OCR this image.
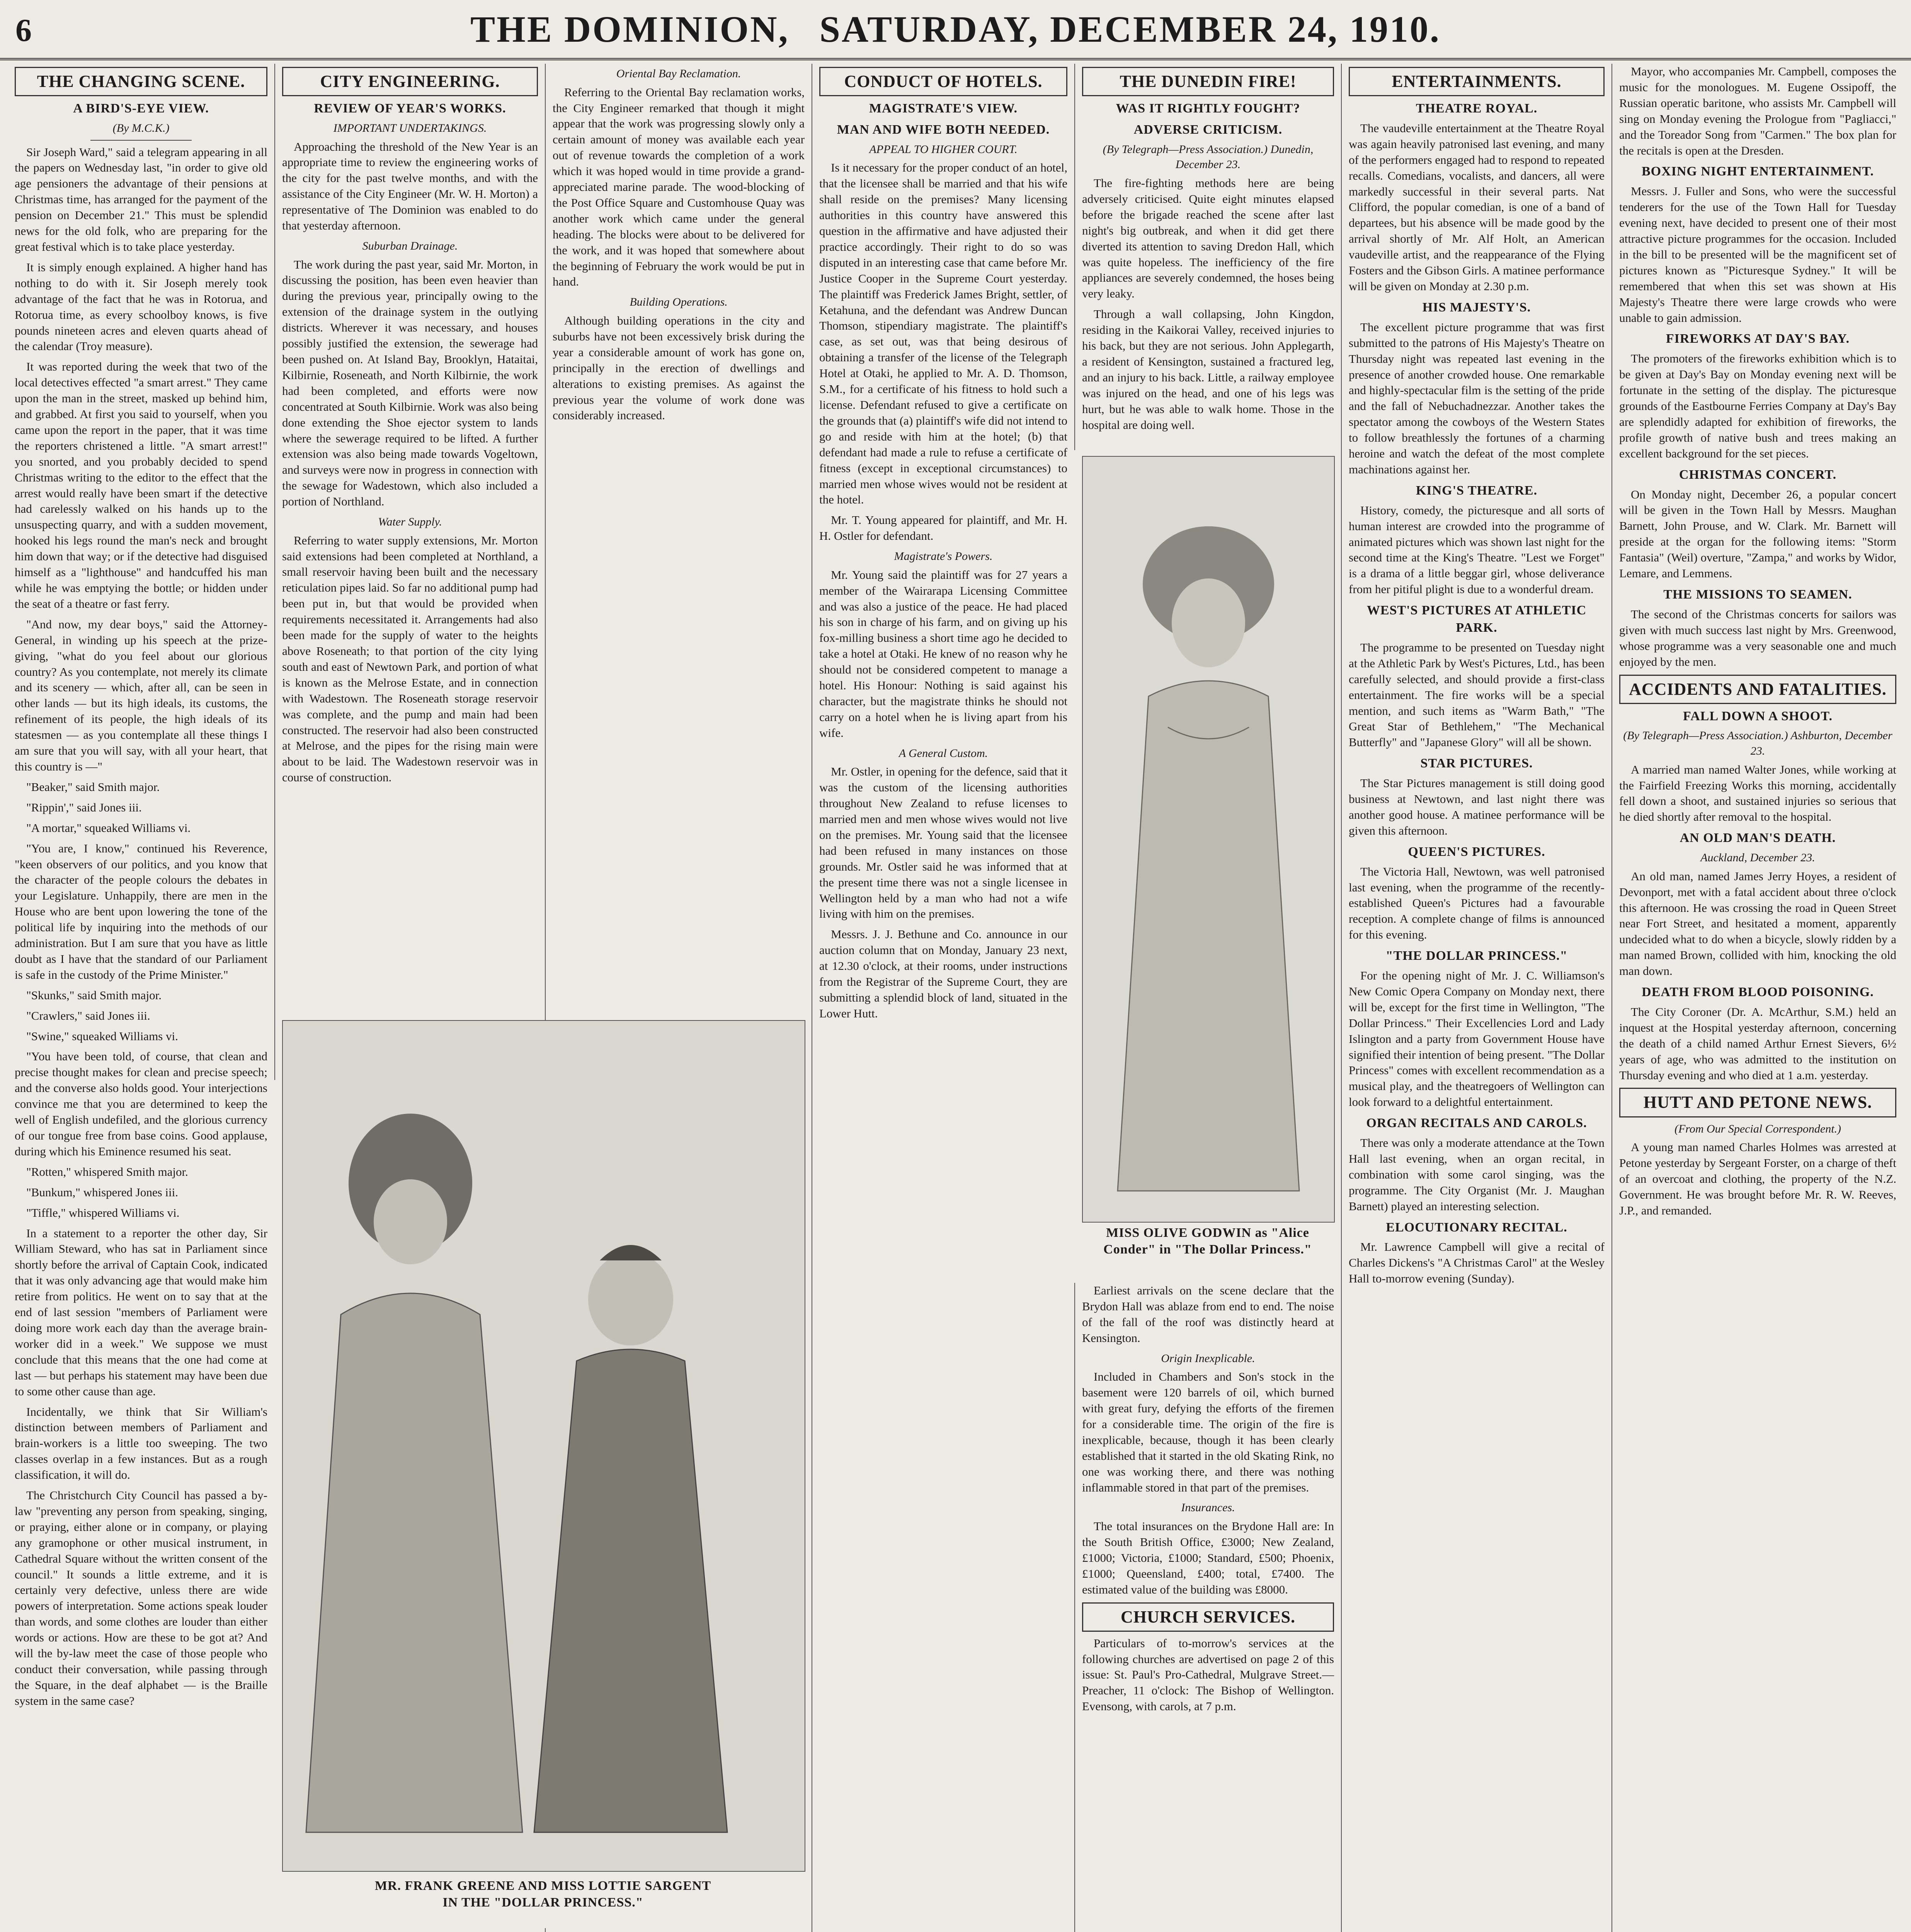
6	THE DOMINION, SATURDAY, DECEMBER 24, 1910.
THE CHANGING SCENE.
A BIRD'S-EYE VIEW.
(By M.C.K.)

Sir Joseph Ward," said a telegram appearing in all the papers on Wednesday last, "in order to give old age pensioners the advantage of their pensions at Christmas time, has arranged for the payment of the pension on December 21." This must be splendid news for the old folk, who are preparing for the great festival which is to take place yesterday.

It is simply enough explained. A higher hand has nothing to do with it. Sir Joseph merely took advantage of the fact that he was in Rotorua, and Rotorua time, as every schoolboy knows, is five pounds nineteen acres and eleven quarts ahead of the calendar (Troy measure).

It was reported during the week that two of the local detectives effected "a smart arrest." They came upon the man in the street, masked up behind him, and grabbed. At first you said to yourself, when you came upon the report in the paper, that it was time the reporters christened a little. "A smart arrest!" you snorted, and you probably decided to spend Christmas writing to the editor to the effect that the arrest would really have been smart if the detective had carelessly walked on his hands up to the unsuspecting quarry, and with a sudden movement, hooked his legs round the man's neck and brought him down that way; or if the detective had disguised himself as a "lighthouse" and handcuffed his man while he was emptying the bottle; or hidden under the seat of a theatre or fast ferry.

"And now, my dear boys," said the Attorney-General, in winding up his speech at the prize-giving, "what do you feel about our glorious country? As you contemplate, not merely its climate and its scenery — which, after all, can be seen in other lands — but its high ideals, its customs, the refinement of its people, the high ideals of its statesmen — as you contemplate all these things I am sure that you will say, with all your heart, that this country is —"

"Beaker," said Smith major.

"Rippin'," said Jones iii.

"A mortar," squeaked Williams vi.

"You are, I know," continued his Reverence, "keen observers of our politics, and you know that the character of the people colours the debates in your Legislature. Unhappily, there are men in the House who are bent upon lowering the tone of the political life by inquiring into the methods of our administration. But I am sure that you have as little doubt as I have that the standard of our Parliament is safe in the custody of the Prime Minister."

"Skunks," said Smith major.

"Crawlers," said Jones iii.

"Swine," squeaked Williams vi.

"You have been told, of course, that clean and precise thought makes for clean and precise speech; and the converse also holds good. Your interjections convince me that you are determined to keep the well of English undefiled, and the glorious currency of our tongue free from base coins. Good applause, during which his Eminence resumed his seat.

"Rotten," whispered Smith major.

"Bunkum," whispered Jones iii.

"Tiffle," whispered Williams vi.

In a statement to a reporter the other day, Sir William Steward, who has sat in Parliament since shortly before the arrival of Captain Cook, indicated that it was only advancing age that would make him retire from politics. He went on to say that at the end of last session "members of Parliament were doing more work each day than the average brain-worker did in a week." We suppose we must conclude that this means that the one had come at last — but perhaps his statement may have been due to some other cause than age.

Incidentally, we think that Sir William's distinction between members of Parliament and brain-workers is a little too sweeping. The two classes overlap in a few instances. But as a rough classification, it will do.

The Christchurch City Council has passed a by-law "preventing any person from speaking, singing, or praying, either alone or in company, or playing any gramophone or other musical instrument, in Cathedral Square without the written consent of the council." It sounds a little extreme, and it is certainly very defective, unless there are wide powers of interpretation. Some actions speak louder than words, and some clothes are louder than either words or actions. How are these to be got at? And will the by-law meet the case of those people who conduct their conversation, while passing through the Square, in the deaf alphabet — is the Braille system in the same case?

CITY ENGINEERING.
REVIEW OF YEAR'S WORKS.
IMPORTANT UNDERTAKINGS.

Approaching the threshold of the New Year is an appropriate time to review the engineering works of the city for the past twelve months, and with the assistance of the City Engineer (Mr. W. H. Morton) a representative of The Dominion was enabled to do that yesterday afternoon.

Suburban Drainage.

The work during the past year, said Mr. Morton, in discussing the position, has been even heavier than during the previous year, principally owing to the extension of the drainage system in the outlying districts. Wherever it was necessary, and houses possibly justified the extension, the sewerage had been pushed on. At Island Bay, Brooklyn, Hataitai, Kilbirnie, Roseneath, and North Kilbirnie, the work had been completed, and efforts were now concentrated at South Kilbirnie. Work was also being done extending the Shoe ejector system to lands where the sewerage required to be lifted. A further extension was also being made towards Vogeltown, and surveys were now in progress in connection with the sewage for Wadestown, which also included a portion of Northland.

Water Supply.

Referring to water supply extensions, Mr. Morton said extensions had been completed at Northland, a small reservoir having been built and the necessary reticulation pipes laid. So far no additional pump had been put in, but that would be provided when requirements necessitated it. Arrangements had also been made for the supply of water to the heights above Roseneath; to that portion of the city lying south and east of Newtown Park, and portion of what is known as the Melrose Estate, and in connection with Wadestown. The Roseneath storage reservoir was complete, and the pump and main had been constructed. The reservoir had also been constructed at Melrose, and the pipes for the rising main were about to be laid. The Wadestown reservoir was in course of construction.

Oriental Bay Reclamation.

Referring to the Oriental Bay reclamation works, the City Engineer remarked that though it might appear that the work was progressing slowly only a certain amount of money was available each year out of revenue towards the completion of a work which it was hoped would in time provide a grand-appreciated marine parade. The wood-blocking of the Post Office Square and Customhouse Quay was another work which came under the general heading. The blocks were about to be delivered for the work, and it was hoped that somewhere about the beginning of February the work would be put in hand.

Building Operations.

Although building operations in the city and suburbs have not been excessively brisk during the year a considerable amount of work has gone on, principally in the erection of dwellings and alterations to existing premises. As against the previous year the volume of work done was considerably increased.

CONDUCT OF HOTELS.
MAGISTRATE'S VIEW.
MAN AND WIFE BOTH NEEDED.
APPEAL TO HIGHER COURT.

Is it necessary for the proper conduct of an hotel, that the licensee shall be married and that his wife shall reside on the premises? Many licensing authorities in this country have answered this question in the affirmative and have adjusted their practice accordingly. Their right to do so was disputed in an interesting case that came before Mr. Justice Cooper in the Supreme Court yesterday. The plaintiff was Frederick James Bright, settler, of Ketahuna, and the defendant was Andrew Duncan Thomson, stipendiary magistrate. The plaintiff's case, as set out, was that being desirous of obtaining a transfer of the license of the Telegraph Hotel at Otaki, he applied to Mr. A. D. Thomson, S.M., for a certificate of his fitness to hold such a license. Defendant refused to give a certificate on the grounds that (a) plaintiff's wife did not intend to go and reside with him at the hotel; (b) that defendant had made a rule to refuse a certificate of fitness (except in exceptional circumstances) to married men whose wives would not be resident at the hotel.

Mr. T. Young appeared for plaintiff, and Mr. H. H. Ostler for defendant.

Magistrate's Powers.

Mr. Young said the plaintiff was for 27 years a member of the Wairarapa Licensing Committee and was also a justice of the peace. He had placed his son in charge of his farm, and on giving up his fox-milling business a short time ago he decided to take a hotel at Otaki. He knew of no reason why he should not be considered competent to manage a hotel. His Honour: Nothing is said against his character, but the magistrate thinks he should not carry on a hotel when he is living apart from his wife.

A General Custom.

Mr. Ostler, in opening for the defence, said that it was the custom of the licensing authorities throughout New Zealand to refuse licenses to married men and men whose wives would not live on the premises. Mr. Young said that the licensee had been refused in many instances on those grounds. Mr. Ostler said he was informed that at the present time there was not a single licensee in Wellington held by a man who had not a wife living with him on the premises.

Messrs. J. J. Bethune and Co. announce in our auction column that on Monday, January 23 next, at 12.30 o'clock, at their rooms, under instructions from the Registrar of the Supreme Court, they are submitting a splendid block of land, situated in the Lower Hutt.

THE DUNEDIN FIRE!
WAS IT RIGHTLY FOUGHT?
ADVERSE CRITICISM.
(By Telegraph—Press Association.) Dunedin, December 23.

The fire-fighting methods here are being adversely criticised. Quite eight minutes elapsed before the brigade reached the scene after last night's big outbreak, and when it did get there diverted its attention to saving Dredon Hall, which was quite hopeless. The inefficiency of the fire appliances are severely condemned, the hoses being very leaky.

Through a wall collapsing, John Kingdon, residing in the Kaikorai Valley, received injuries to his back, but they are not serious. John Applegarth, a resident of Kensington, sustained a fractured leg, and an injury to his back. Little, a railway employee was injured on the head, and one of his legs was hurt, but he was able to walk home. Those in the hospital are doing well.

ENTERTAINMENTS.
THEATRE ROYAL.

The vaudeville entertainment at the Theatre Royal was again heavily patronised last evening, and many of the performers engaged had to respond to repeated recalls. Comedians, vocalists, and dancers, all were markedly successful in their several parts. Nat Clifford, the popular comedian, is one of a band of departees, but his absence will be made good by the arrival shortly of Mr. Alf Holt, an American vaudeville artist, and the reappearance of the Flying Fosters and the Gibson Girls. A matinee performance will be given on Monday at 2.30 p.m.

HIS MAJESTY'S.

The excellent picture programme that was first submitted to the patrons of His Majesty's Theatre on Thursday night was repeated last evening in the presence of another crowded house. One remarkable and highly-spectacular film is the setting of the pride and the fall of Nebuchadnezzar. Another takes the spectator among the cowboys of the Western States to follow breathlessly the fortunes of a charming heroine and watch the defeat of the most complete machinations against her.

KING'S THEATRE.

History, comedy, the picturesque and all sorts of human interest are crowded into the programme of animated pictures which was shown last night for the second time at the King's Theatre. "Lest we Forget" is a drama of a little beggar girl, whose deliverance from her pitiful plight is due to a wonderful dream.

WEST'S PICTURES AT ATHLETIC PARK.

The programme to be presented on Tuesday night at the Athletic Park by West's Pictures, Ltd., has been carefully selected, and should provide a first-class entertainment. The fire works will be a special mention, and such items as "Warm Bath," "The Great Star of Bethlehem," "The Mechanical Butterfly" and "Japanese Glory" will all be shown.

STAR PICTURES.

The Star Pictures management is still doing good business at Newtown, and last night there was another good house. A matinee performance will be given this afternoon.

QUEEN'S PICTURES.

The Victoria Hall, Newtown, was well patronised last evening, when the programme of the recently-established Queen's Pictures had a favourable reception. A complete change of films is announced for this evening.

"THE DOLLAR PRINCESS."

For the opening night of Mr. J. C. Williamson's New Comic Opera Company on Monday next, there will be, except for the first time in Wellington, "The Dollar Princess." Their Excellencies Lord and Lady Islington and a party from Government House have signified their intention of being present. "The Dollar Princess" comes with excellent recommendation as a musical play, and the theatregoers of Wellington can look forward to a delightful entertainment.

ORGAN RECITALS AND CAROLS.

There was only a moderate attendance at the Town Hall last evening, when an organ recital, in combination with some carol singing, was the programme. The City Organist (Mr. J. Maughan Barnett) played an interesting selection.

ELOCUTIONARY RECITAL.

Mr. Lawrence Campbell will give a recital of Charles Dickens's "A Christmas Carol" at the Wesley Hall to-morrow evening (Sunday).

Mayor, who accompanies Mr. Campbell, composes the music for the monologues. M. Eugene Ossipoff, the Russian operatic baritone, who assists Mr. Campbell will sing on Monday evening the Prologue from "Pagliacci," and the Toreador Song from "Carmen." The box plan for the recitals is open at the Dresden.

BOXING NIGHT ENTERTAINMENT.

Messrs. J. Fuller and Sons, who were the successful tenderers for the use of the Town Hall for Tuesday evening next, have decided to present one of their most attractive picture programmes for the occasion. Included in the bill to be presented will be the magnificent set of pictures known as "Picturesque Sydney." It will be remembered that when this set was shown at His Majesty's Theatre there were large crowds who were unable to gain admission.

FIREWORKS AT DAY'S BAY.

The promoters of the fireworks exhibition which is to be given at Day's Bay on Monday evening next will be fortunate in the setting of the display. The picturesque grounds of the Eastbourne Ferries Company at Day's Bay are splendidly adapted for exhibition of fireworks, the profile growth of native bush and trees making an excellent background for the set pieces.

CHRISTMAS CONCERT.

On Monday night, December 26, a popular concert will be given in the Town Hall by Messrs. Maughan Barnett, John Prouse, and W. Clark. Mr. Barnett will preside at the organ for the following items: "Storm Fantasia" (Weil) overture, "Zampa," and works by Widor, Lemare, and Lemmens.

THE MISSIONS TO SEAMEN.

The second of the Christmas concerts for sailors was given with much success last night by Mrs. Greenwood, whose programme was a very seasonable one and much enjoyed by the men.

ACCIDENTS AND FATALITIES.
FALL DOWN A SHOOT.
(By Telegraph—Press Association.) Ashburton, December 23.

A married man named Walter Jones, while working at the Fairfield Freezing Works this morning, accidentally fell down a shoot, and sustained injuries so serious that he died shortly after removal to the hospital.

AN OLD MAN'S DEATH.
Auckland, December 23.

An old man, named James Jerry Hoyes, a resident of Devonport, met with a fatal accident about three o'clock this afternoon. He was crossing the road in Queen Street near Fort Street, and hesitated a moment, apparently undecided what to do when a bicycle, slowly ridden by a man named Brown, collided with him, knocking the old man down.

DEATH FROM BLOOD POISONING.

The City Coroner (Dr. A. McArthur, S.M.) held an inquest at the Hospital yesterday afternoon, concerning the death of a child named Arthur Ernest Sievers, 6½ years of age, who was admitted to the institution on Thursday evening and who died at 1 a.m. yesterday.

HUTT AND PETONE NEWS.
(From Our Special Correspondent.)

A young man named Charles Holmes was arrested at Petone yesterday by Sergeant Forster, on a charge of theft of an overcoat and clothing, the property of the N.Z. Government. He was brought before Mr. R. W. Reeves, J.P., and remanded.

Earliest arrivals on the scene declare that the Brydon Hall was ablaze from end to end. The noise of the fall of the roof was distinctly heard at Kensington.

Origin Inexplicable.

Included in Chambers and Son's stock in the basement were 120 barrels of oil, which burned with great fury, defying the efforts of the firemen for a considerable time. The origin of the fire is inexplicable, because, though it has been clearly established that it started in the old Skating Rink, no one was working there, and there was nothing inflammable stored in that part of the premises.

Insurances.

The total insurances on the Brydone Hall are: In the South British Office, £3000; New Zealand, £1000; Victoria, £1000; Standard, £500; Phoenix, £1000; Queensland, £400; total, £7400. The estimated value of the building was £8000.

CHURCH SERVICES.

Particulars of to-morrow's services at the following churches are advertised on page 2 of this issue: St. Paul's Pro-Cathedral, Mulgrave Street.—Preacher, 11 o'clock: The Bishop of Wellington. Evensong, with carols, at 7 p.m.

MISS OLIVE GODWIN as "Alice Conder" in "The Dollar Princess."
MR. FRANK GREENE AND MISS LOTTIE SARGENT
IN THE "DOLLAR PRINCESS."
